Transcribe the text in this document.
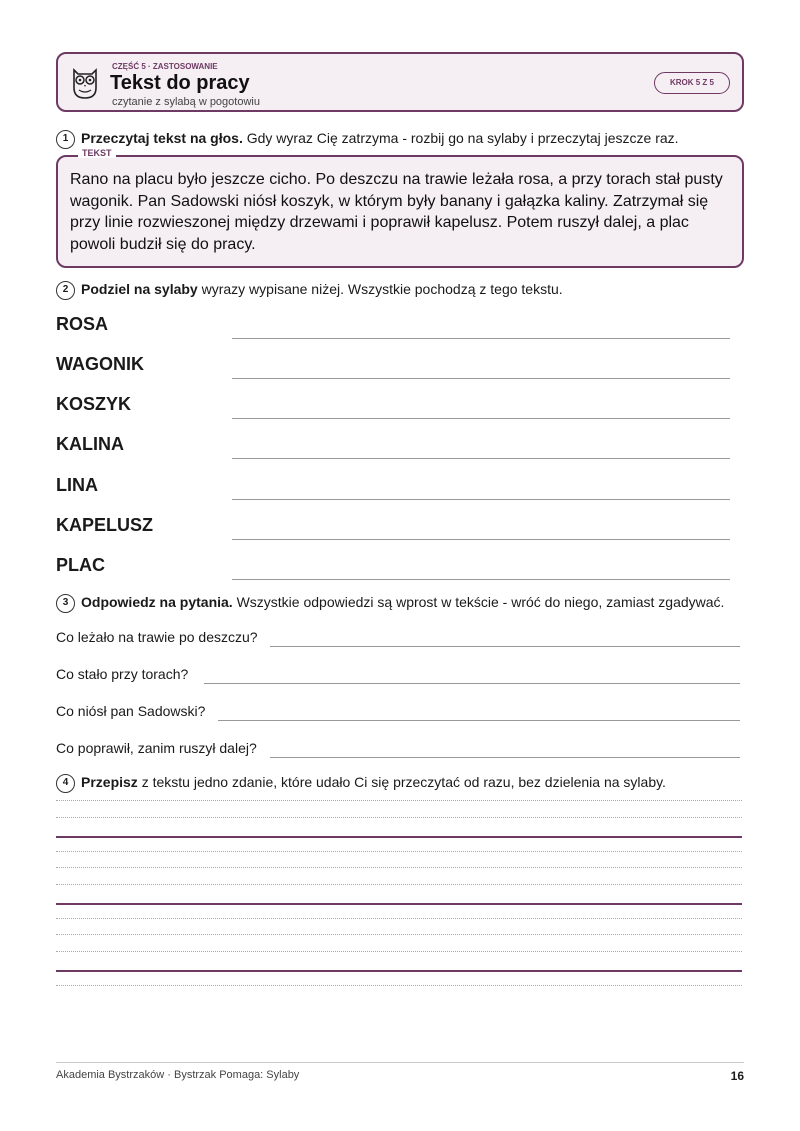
CZĘŚĆ 5 · ZASTOSOWANIE
Tekst do pracy
czytanie z sylabą w pogotowiu
KROK 5 Z 5
1 Przeczytaj tekst na głos. Gdy wyraz Cię zatrzyma - rozbij go na sylaby i przeczytaj jeszcze raz.
TEKST
Rano na placu było jeszcze cicho. Po deszczu na trawie leżała rosa, a przy torach stał pusty wagonik. Pan Sadowski niósł koszyk, w którym były banany i gałązka kaliny. Zatrzymał się przy linie rozwieszonej między drzewami i poprawił kapelusz. Potem ruszył dalej, a plac powoli budził się do pracy.
2 Podziel na sylaby wyrazy wypisane niżej. Wszystkie pochodzą z tego tekstu.
ROSA
WAGONIK
KOSZYK
KALINA
LINA
KAPELUSZ
PLAC
3 Odpowiedz na pytania. Wszystkie odpowiedzi są wprost w tekście - wróć do niego, zamiast zgadywać.
Co leżało na trawie po deszczu?
Co stało przy torach?
Co niósł pan Sadowski?
Co poprawił, zanim ruszył dalej?
4 Przepisz z tekstu jedno zdanie, które udało Ci się przeczytać od razu, bez dzielenia na sylaby.
Akademia Bystrzaków · Bystrzak Pomaga: Sylaby	16
